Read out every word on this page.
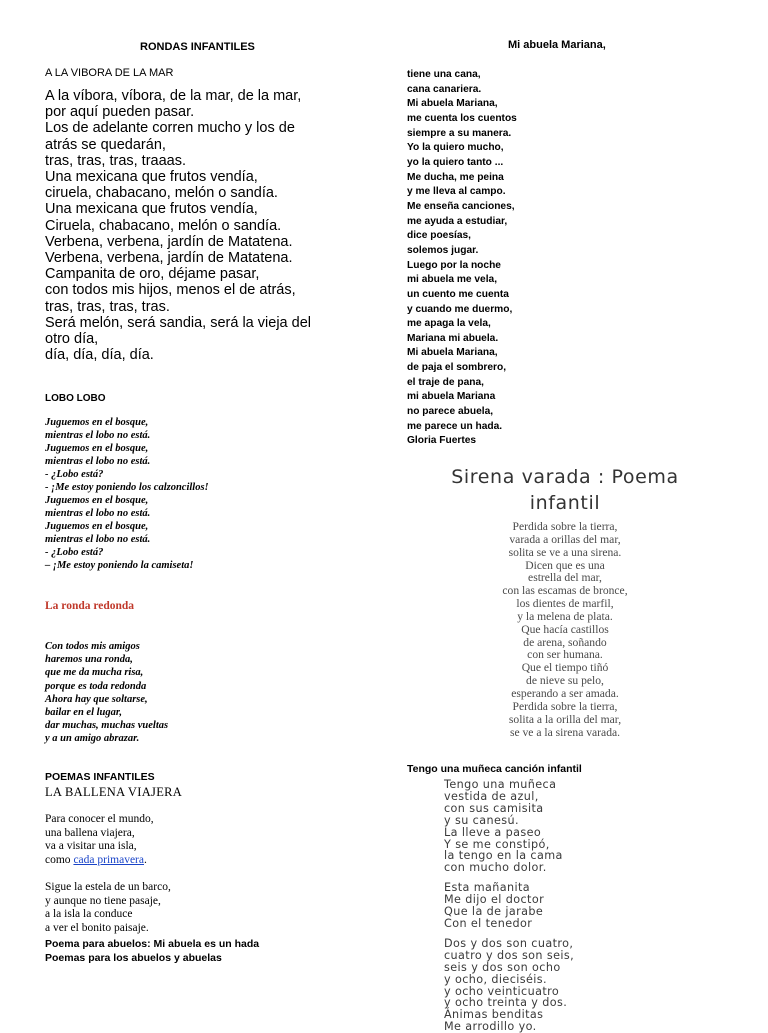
RONDAS INFANTILES
A LA VIBORA DE LA MAR
A la víbora, víbora, de la mar, de la mar,
por aquí pueden pasar.
Los de adelante corren mucho y los de
atrás se quedarán,
tras, tras, tras, traaas.
Una mexicana que frutos vendía,
ciruela, chabacano, melón o sandía.
Una mexicana que frutos vendía,
Ciruela, chabacano, melón o sandía.
Verbena, verbena, jardín de Matatena.
Verbena, verbena, jardín de Matatena.
Campanita de oro, déjame pasar,
con todos mis hijos, menos el de atrás,
tras, tras, tras, tras.
Será melón, será sandia, será la vieja del
otro día,
día, día, día, día.
LOBO LOBO
Juguemos en el bosque,
mientras el lobo no está.
Juguemos en el bosque,
mientras el lobo no está.
- ¿Lobo está?
- ¡Me estoy poniendo los calzoncillos!
Juguemos en el bosque,
mientras el lobo no está.
Juguemos en el bosque,
mientras el lobo no está.
- ¿Lobo está?
– ¡Me estoy poniendo la camiseta!
La ronda redonda
Con todos mis amigos
haremos una ronda,
que me da mucha risa,
porque es toda redonda
Ahora hay que soltarse,
bailar en el lugar,
dar muchas, muchas vueltas
y a un amigo abrazar.
POEMAS INFANTILES
LA BALLENA VIAJERA
Para conocer el mundo,
una ballena viajera,
va a visitar una isla,
como cada primavera.
Sigue la estela de un barco,
y aunque no tiene pasaje,
a la isla la conduce
a ver el bonito paisaje.
Poema para abuelos: Mi abuela es un hada
Poemas para los abuelos y abuelas
Mi abuela Mariana,
tiene una cana,
cana canariera.
Mi abuela Mariana,
me cuenta los cuentos
siempre a su manera.
Yo la quiero mucho,
yo la quiero tanto ...
Me ducha, me peina
y me lleva al campo.
Me enseña canciones,
me ayuda a estudiar,
dice poesías,
solemos jugar.
Luego por la noche
mi abuela me vela,
un cuento me cuenta
y cuando me duermo,
me apaga la vela,
Mariana mi abuela.
Mi abuela Mariana,
de paja el sombrero,
el traje de pana,
mi abuela Mariana
no parece abuela,
me parece un hada.
Gloria Fuertes
Sirena varada : Poema
infantil
Perdida sobre la tierra,
varada a orillas del mar,
solita se ve a una sirena.
Dicen que es una
estrella del mar,
con las escamas de bronce,
los dientes de marfil,
y la melena de plata.
Que hacía castillos
de arena, soñando
con ser humana.
Que el tiempo tiñó
de nieve su pelo,
esperando a ser amada.
Perdida sobre la tierra,
solita a la orilla del mar,
se ve a la sirena varada.
Tengo una muñeca canción infantil
Tengo una muñeca
vestida de azul,
con sus camisita
y su canesú.
La lleve a paseo
Y se me constipó,
la tengo en la cama
con mucho dolor.
Esta mañanita
Me dijo el doctor
Que la de jarabe
Con el tenedor
Dos y dos son cuatro,
cuatro y dos son seis,
seis y dos son ocho
y ocho, dieciséis.
y ocho veinticuatro
y ocho treinta y dos.
Ánimas benditas
Me arrodillo yo.
